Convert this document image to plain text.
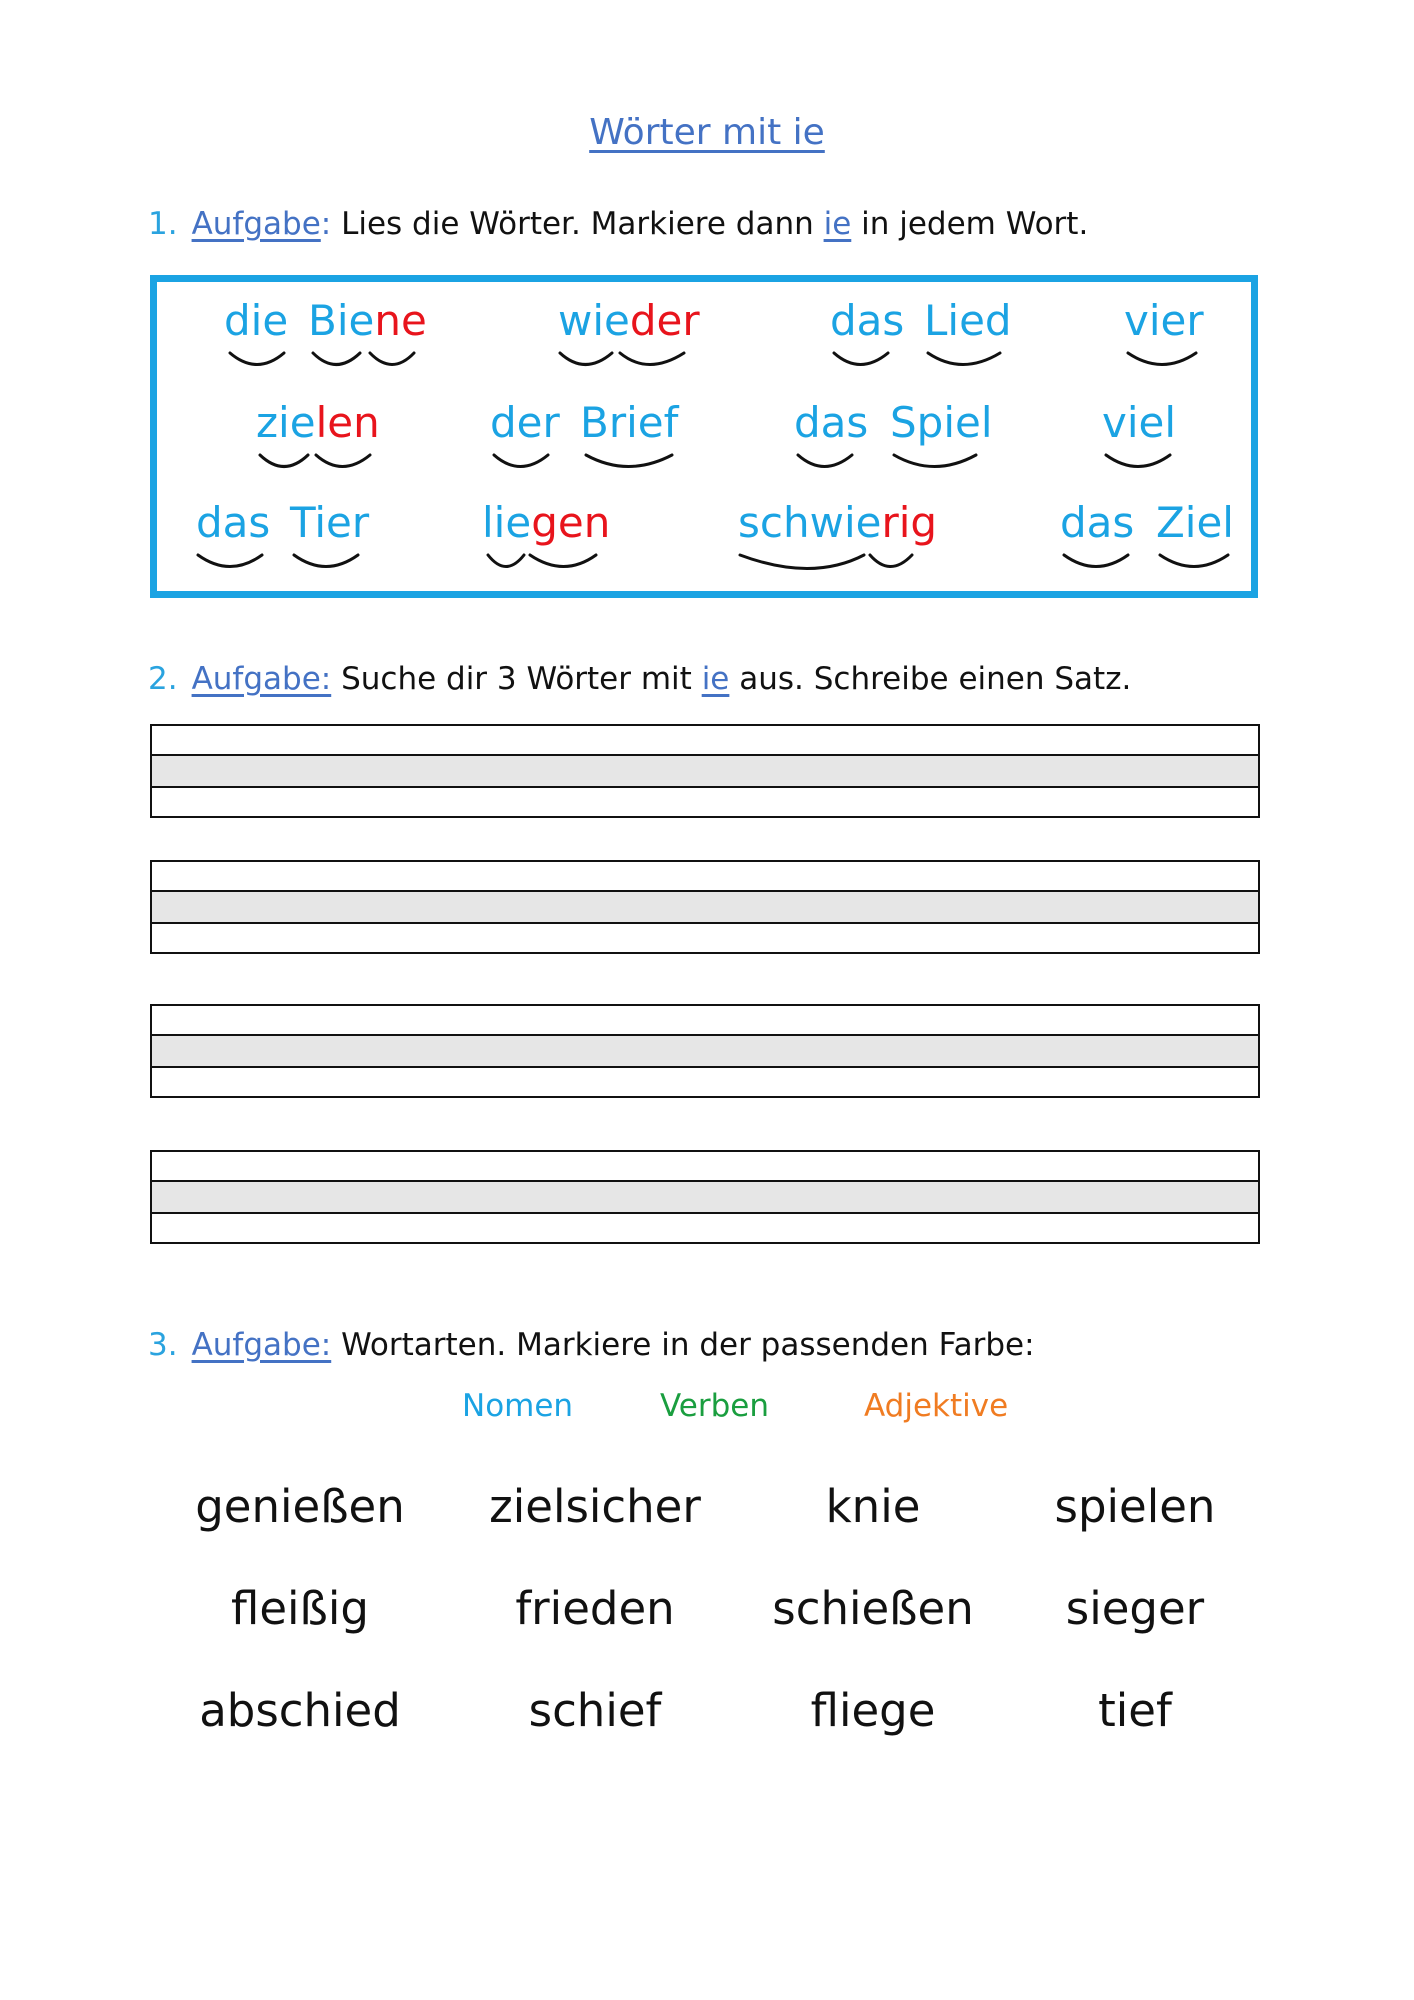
Wörter mit ie
1. Aufgabe: Lies die Wörter. Markiere dann ie in jedem Wort.
die Biene	wieder	das Lied	vier
zielen	der Brief	das Spiel	viel
das Tier	liegen	schwierig	das Ziel
2. Aufgabe: Suche dir 3 Wörter mit ie aus. Schreibe einen Satz.
3. Aufgabe: Wortarten. Markiere in der passenden Farbe:
Nomen	Verben	Adjektive
genießen	zielsicher	knie	spielen
fleißig	frieden	schießen	sieger
abschied	schief	fliege	tief
